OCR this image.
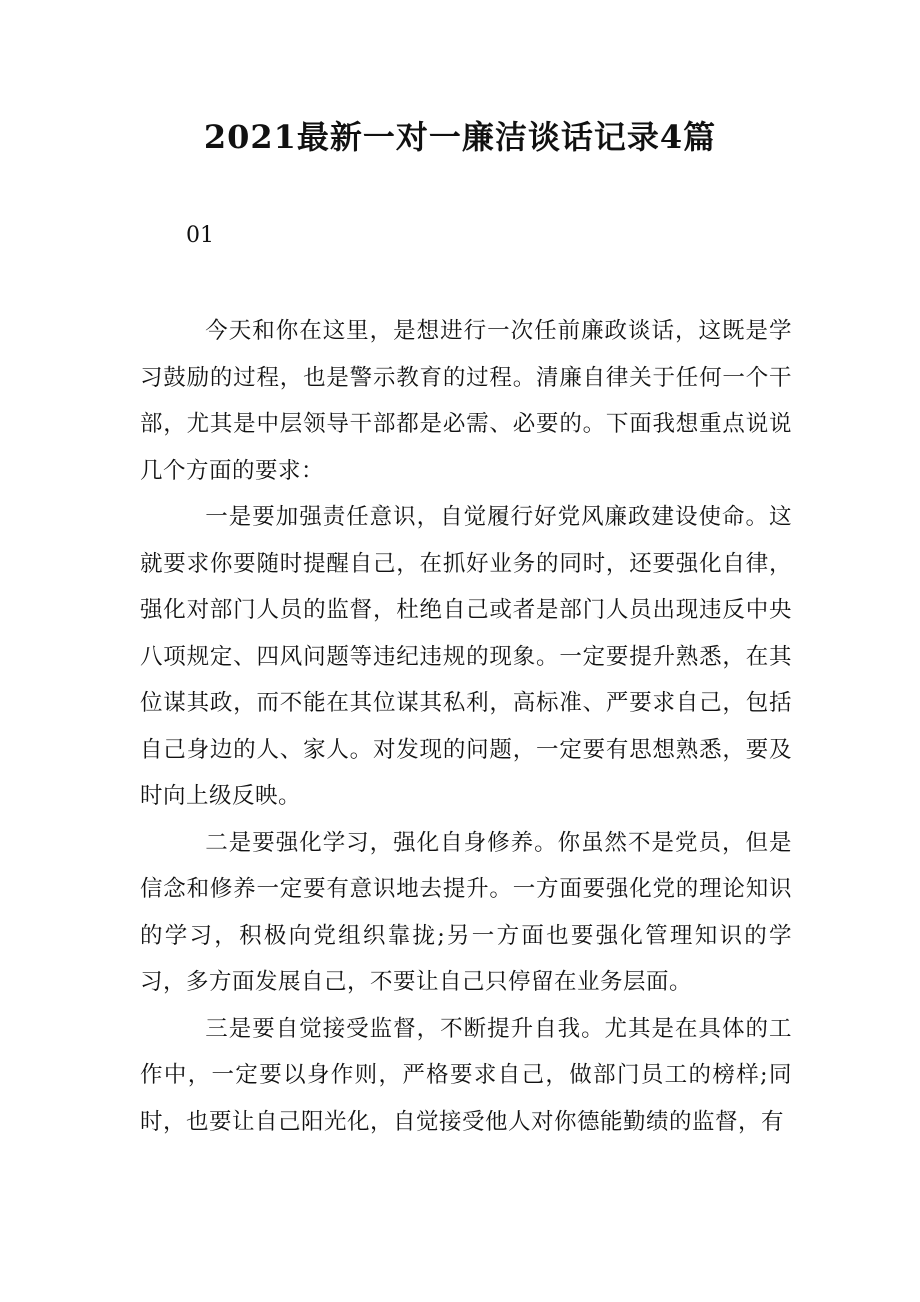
2021最新一对一廉洁谈话记录4篇

01

今天和你在这里，是想进行一次任前廉政谈话，这既是学习鼓励的过程，也是警示教育的过程。清廉自律关于任何一个干部，尤其是中层领导干部都是必需、必要的。下面我想重点说说几个方面的要求：

一是要加强责任意识，自觉履行好党风廉政建设使命。这就要求你要随时提醒自己，在抓好业务的同时，还要强化自律，强化对部门人员的监督，杜绝自己或者是部门人员出现违反中央八项规定、四风问题等违纪违规的现象。一定要提升熟悉，在其位谋其政，而不能在其位谋其私利，高标准、严要求自己，包括自己身边的人、家人。对发现的问题，一定要有思想熟悉，要及时向上级反映。

二是要强化学习，强化自身修养。你虽然不是党员，但是信念和修养一定要有意识地去提升。一方面要强化党的理论知识的学习，积极向党组织靠拢;另一方面也要强化管理知识的学习，多方面发展自己，不要让自己只停留在业务层面。

三是要自觉接受监督，不断提升自我。尤其是在具体的工作中，一定要以身作则，严格要求自己，做部门员工的榜样;同时，也要让自己阳光化，自觉接受他人对你德能勤绩的监督，有
